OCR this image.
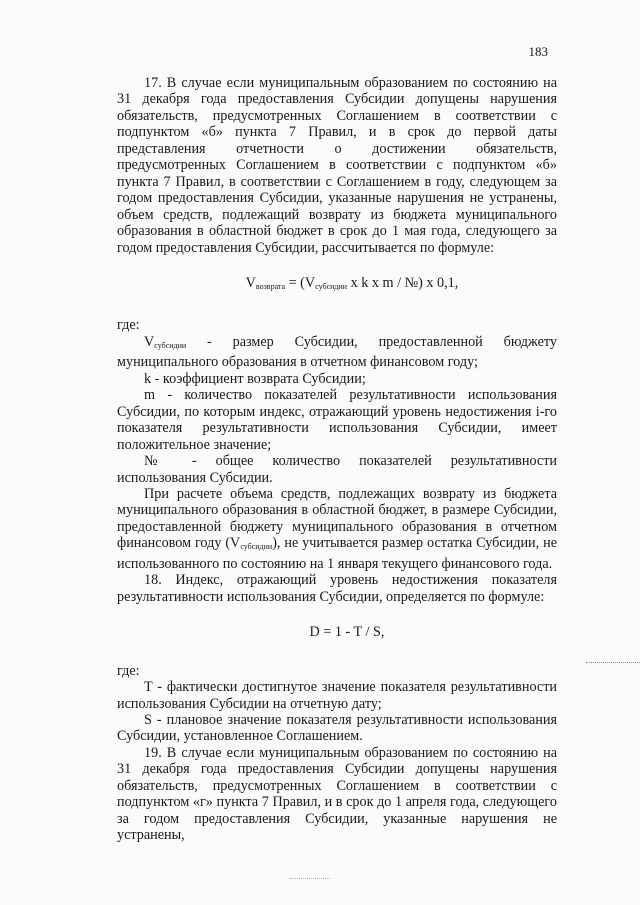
183

17. В случае если муниципальным образованием по состоянию на 31 декабря года предоставления Субсидии допущены нарушения обязательств, предусмотренных Соглашением в соответствии с подпунктом «б» пункта 7 Правил, и в срок до первой даты представления отчетности о достижении обязательств, предусмотренных Соглашением в соответствии с подпунктом «б» пункта 7 Правил, в соответствии с Соглашением в году, следующем за годом предоставления Субсидии, указанные нарушения не устранены, объем средств, подлежащий возврату из бюджета муниципального образования в областной бюджет в срок до 1 мая года, следующего за годом предоставления Субсидии, рассчитывается по формуле:

$V_{возврата} = (V_{субсидии}$ x k x m / №) x 0,1,

где:

$V_{субсидии}$ - размер Субсидии, предоставленной бюджету муниципального образования в отчетном финансовом году;

k - коэффициент возврата Субсидии;

m - количество показателей результативности использования Субсидии, по которым индекс, отражающий уровень недостижения i-го показателя результативности использования Субсидии, имеет положительное значение;

№ - общее количество показателей результативности использования Субсидии.

При расчете объема средств, подлежащих возврату из бюджета муниципального образования в областной бюджет, в размере Субсидии, предоставленной бюджету муниципального образования в отчетном финансовом году $(V_{субсидии})$, не учитывается размер остатка Субсидии, не использованного по состоянию на 1 января текущего финансового года.

18. Индекс, отражающий уровень недостижения показателя результативности использования Субсидии, определяется по формуле:

D = 1 - T / S,

где:

T - фактически достигнутое значение показателя результативности использования Субсидии на отчетную дату;

S - плановое значение показателя результативности использования Субсидии, установленное Соглашением.

19. В случае если муниципальным образованием по состоянию на 31 декабря года предоставления Субсидии допущены нарушения обязательств, предусмотренных Соглашением в соответствии с подпунктом «г» пункта 7 Правил, и в срок до 1 апреля года, следующего за годом предоставления Субсидии, указанные нарушения не устранены,
